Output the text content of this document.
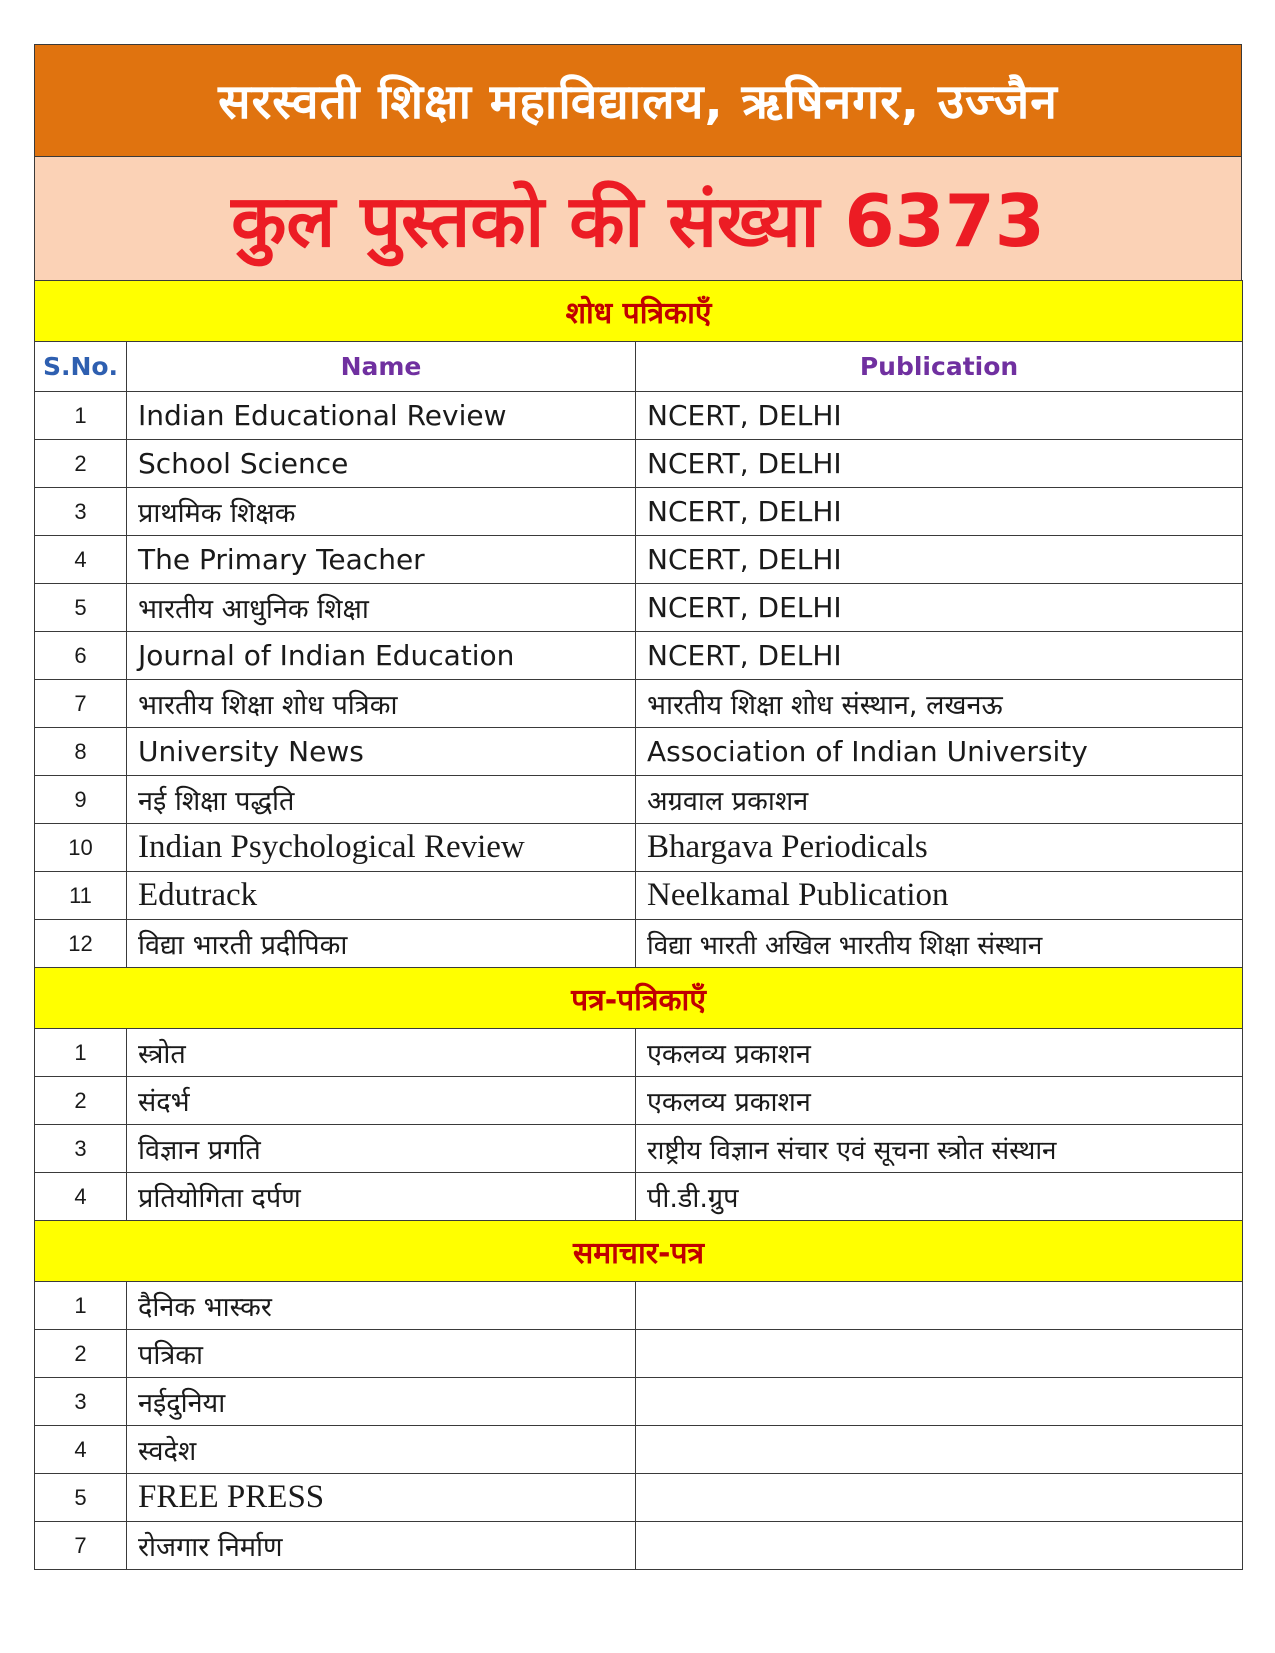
सरस्वती शिक्षा महाविद्यालय, ऋषिनगर, उज्जैन
कुल पुस्तको की संख्या 6373
शोध पत्रिकाएँ		
S.No.	Name	Publication
1	Indian Educational Review	NCERT, DELHI
2	School Science	NCERT, DELHI
3	प्राथमिक शिक्षक	NCERT, DELHI
4	The Primary Teacher	NCERT, DELHI
5	भारतीय आधुनिक शिक्षा	NCERT, DELHI
6	Journal of Indian Education	NCERT, DELHI
7	भारतीय शिक्षा शोध पत्रिका	भारतीय शिक्षा शोध संस्थान, लखनऊ
8	University News	Association of Indian University
9	नई शिक्षा पद्धति	अग्रवाल प्रकाशन
10	Indian Psychological Review	Bhargava Periodicals
11	Edutrack	Neelkamal Publication
12	विद्या भारती प्रदीपिका	विद्या भारती अखिल भारतीय शिक्षा संस्थान
पत्र-पत्रिकाएँ		
1	स्त्रोत	एकलव्य प्रकाशन
2	संदर्भ	एकलव्य प्रकाशन
3	विज्ञान प्रगति	राष्ट्रीय विज्ञान संचार एवं सूचना स्त्रोत संस्थान
4	प्रतियोगिता दर्पण	पी.डी.ग्रुप
समाचार-पत्र		
1	दैनिक भास्कर	
2	पत्रिका	
3	नईदुनिया	
4	स्वदेश	
5	FREE PRESS	
7	रोजगार निर्माण	
